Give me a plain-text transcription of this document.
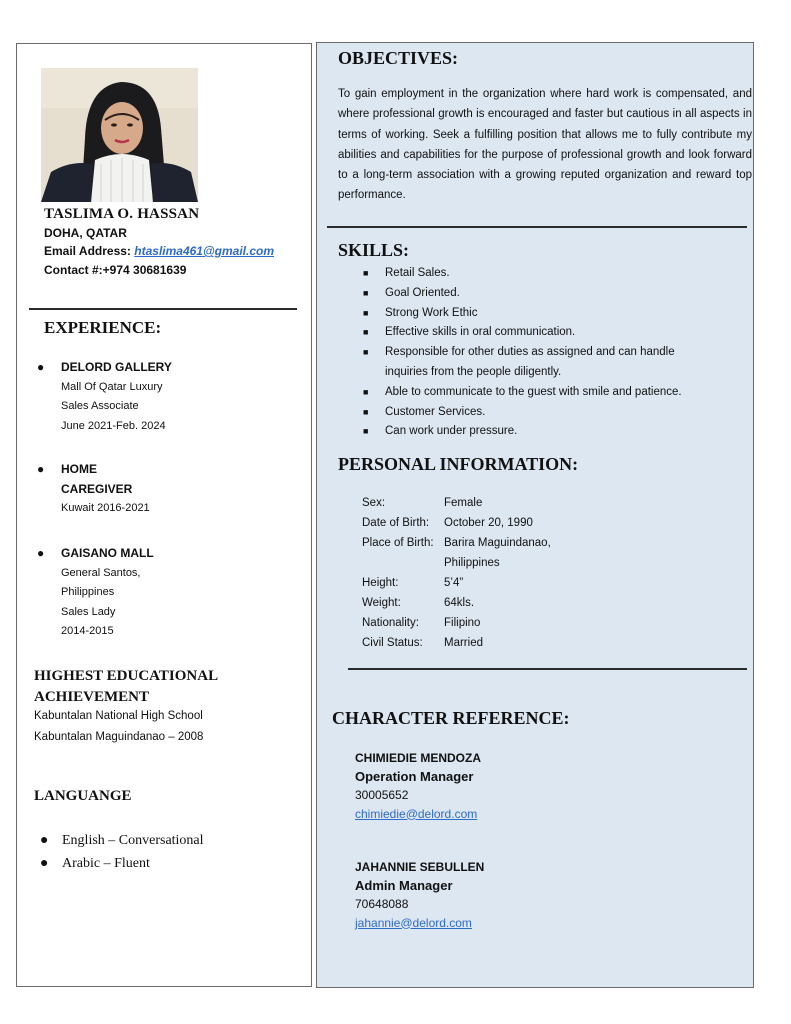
TASLIMA O. HASSAN
DOHA, QATAR
Email Address: htaslima461@gmail.com
Contact #:+974 30681639
EXPERIENCE:
● DELORD GALLERY
Mall Of Qatar Luxury
Sales Associate
June 2021-Feb. 2024
● HOME
CAREGIVER
Kuwait 2016-2021
● GAISANO MALL
General Santos,
Philippines
Sales Lady
2014-2015
HIGHEST EDUCATIONAL
ACHIEVEMENT
Kabuntalan National High School
Kabuntalan Maguindanao – 2008
LANGUANGE
● English – Conversational
● Arabic – Fluent
OBJECTIVES:
To gain employment in the organization where hard work is compensated, and where professional growth is encouraged and faster but cautious in all aspects in terms of working. Seek a fulfilling position that allows me to fully contribute my abilities and capabilities for the purpose of professional growth and look forward to a long-term association with a growing reputed organization and reward top performance.
SKILLS:
■ Retail Sales.
■ Goal Oriented.
■ Strong Work Ethic
■ Effective skills in oral communication.
■ Responsible for other duties as assigned and can handle inquiries from the people diligently.
■ Able to communicate to the guest with smile and patience.
■ Customer Services.
■ Can work under pressure.
PERSONAL INFORMATION:
Sex:	Female
Date of Birth:	October 20, 1990
Place of Birth: Barira Maguindanao,
Philippines
Height:	5’4”
Weight:	64kls.
Nationality:	Filipino
Civil Status:	Married
CHARACTER REFERENCE:
CHIMIEDIE MENDOZA
Operation Manager
30005652
chimiedie@delord.com
JAHANNIE SEBULLEN
Admin Manager
70648088
jahannie@delord.com
